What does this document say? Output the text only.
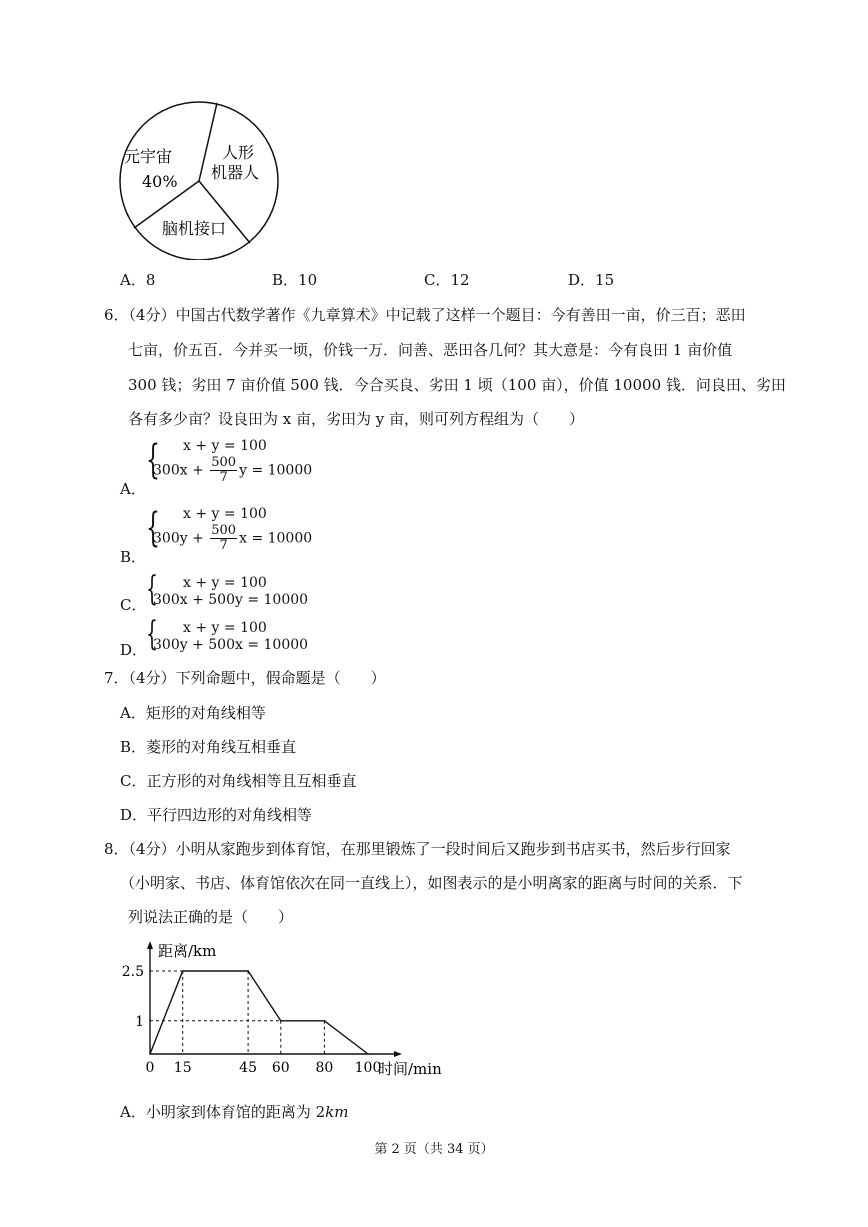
元宇宙
40%
人形
机器人
脑机接口
A．8	B．10	C．12	D．15
6．（4分）中国古代数学著作《九章算术》中记载了这样一个题目：今有善田一亩，价三百；恶田
七亩，价五百．今并买一顷，价钱一万．问善、恶田各几何？其大意是：今有良田 1 亩价值
300 钱；劣田 7 亩价值 500 钱．今合买良、劣田 1 顷（100 亩），价值 10000 钱．问良田、劣田
各有多少亩？设良田为 x 亩，劣田为 y 亩，则可列方程组为（　　）
A．
{ x + y = 100
$300x + \frac{500}{7}$ y = 10000
B．
{ x + y = 100
$300y + \frac{500}{7}$ x = 10000
C． { x + y = 100
300x + 500y = 10000
D．
{ x + y = 100
300y + 500x = 10000
7．（4分）下列命题中，假命题是（　　）
A．矩形的对角线相等
B．菱形的对角线互相垂直
C．正方形的对角线相等且互相垂直
D．平行四边形的对角线相等
8．（4分）小明从家跑步到体育馆，在那里锻炼了一段时间后又跑步到书店买书，然后步行回家
（小明家、书店、体育馆依次在同一直线上），如图表示的是小明离家的距离与时间的关系．下
列说法正确的是（　　）
0 15	45 60 80 100
2.5
1
距离/km
时间/min
A．小明家到体育馆的距离为 2km
第 2 页（共 34 页）
